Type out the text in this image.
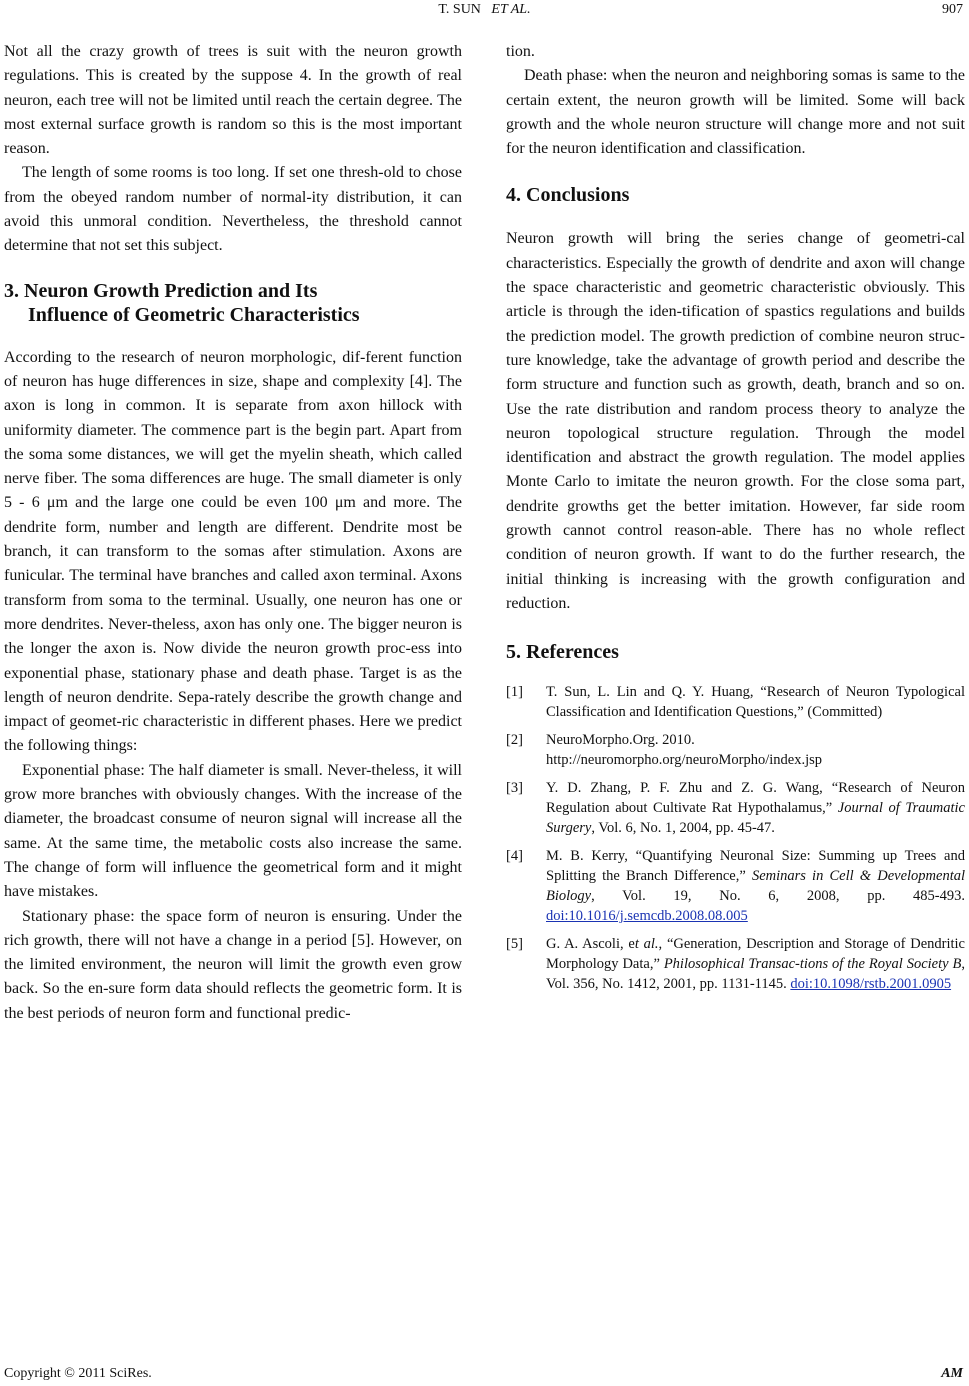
T. SUN ET AL.	907

Not all the crazy growth of trees is suit with the neuron growth regulations. This is created by the suppose 4. In the growth of real neuron, each tree will not be limited until reach the certain degree. The most external surface growth is random so this is the most important reason.

The length of some rooms is too long. If set one thresh-old to chose from the obeyed random number of normal-ity distribution, it can avoid this unmoral condition. Nevertheless, the threshold cannot determine that not set this subject.

3. Neuron Growth Prediction and Its
Influence of Geometric Characteristics

According to the research of neuron morphologic, dif-ferent function of neuron has huge differences in size, shape and complexity [4]. The axon is long in common. It is separate from axon hillock with uniformity diameter. The commence part is the begin part. Apart from the soma some distances, we will get the myelin sheath, which called nerve fiber. The soma differences are huge. The small diameter is only 5 - 6 μm and the large one could be even 100 μm and more. The dendrite form, number and length are different. Dendrite most be branch, it can transform to the somas after stimulation. Axons are funicular. The terminal have branches and called axon terminal. Axons transform from soma to the terminal. Usually, one neuron has one or more dendrites. Never-theless, axon has only one. The bigger neuron is the longer the axon is. Now divide the neuron growth proc-ess into exponential phase, stationary phase and death phase. Target is as the length of neuron dendrite. Sepa-rately describe the growth change and impact of geomet-ric characteristic in different phases. Here we predict the following things:

Exponential phase: The half diameter is small. Never-theless, it will grow more branches with obviously changes. With the increase of the diameter, the broadcast consume of neuron signal will increase all the same. At the same time, the metabolic costs also increase the same. The change of form will influence the geometrical form and it might have mistakes.

Stationary phase: the space form of neuron is ensuring. Under the rich growth, there will not have a change in a period [5]. However, on the limited environment, the neuron will limit the growth even grow back. So the en-sure form data should reflects the geometric form. It is the best periods of neuron form and functional predic-

tion.

Death phase: when the neuron and neighboring somas is same to the certain extent, the neuron growth will be limited. Some will back growth and the whole neuron structure will change more and not suit for the neuron identification and classification.

4. Conclusions

Neuron growth will bring the series change of geometri-cal characteristics. Especially the growth of dendrite and axon will change the space characteristic and geometric characteristic obviously. This article is through the iden-tification of spastics regulations and builds the prediction model. The growth prediction of combine neuron struc-ture knowledge, take the advantage of growth period and describe the form structure and function such as growth, death, branch and so on. Use the rate distribution and random process theory to analyze the neuron topological structure regulation. Through the model identification and abstract the growth regulation. The model applies Monte Carlo to imitate the neuron growth. For the close soma part, dendrite growths get the better imitation. However, far side room growth cannot control reason-able. There has no whole reflect condition of neuron growth. If want to do the further research, the initial thinking is increasing with the growth configuration and reduction.

5. References
[1] T. Sun, L. Lin and Q. Y. Huang, “Research of Neuron Typological Classification and Identification Questions,” (Committed)
[2] NeuroMorpho.Org. 2010.
http://neuromorpho.org/neuroMorpho/index.jsp
[3] Y. D. Zhang, P. F. Zhu and Z. G. Wang, “Research of Neuron Regulation about Cultivate Rat Hypothalamus,” Journal of Traumatic Surgery, Vol. 6, No. 1, 2004, pp. 45-47.
[4] M. B. Kerry, “Quantifying Neuronal Size: Summing up Trees and Splitting the Branch Difference,” Seminars in Cell & Developmental Biology, Vol. 19, No. 6, 2008, pp. 485-493. doi:10.1016/j.semcdb.2008.08.005
[5] G. A. Ascoli, et al., “Generation, Description and Storage of Dendritic Morphology Data,” Philosophical Transac-tions of the Royal Society B, Vol. 356, No. 1412, 2001, pp. 1131-1145. doi:10.1098/rstb.2001.0905
Copyright © 2011 SciRes.	AM
